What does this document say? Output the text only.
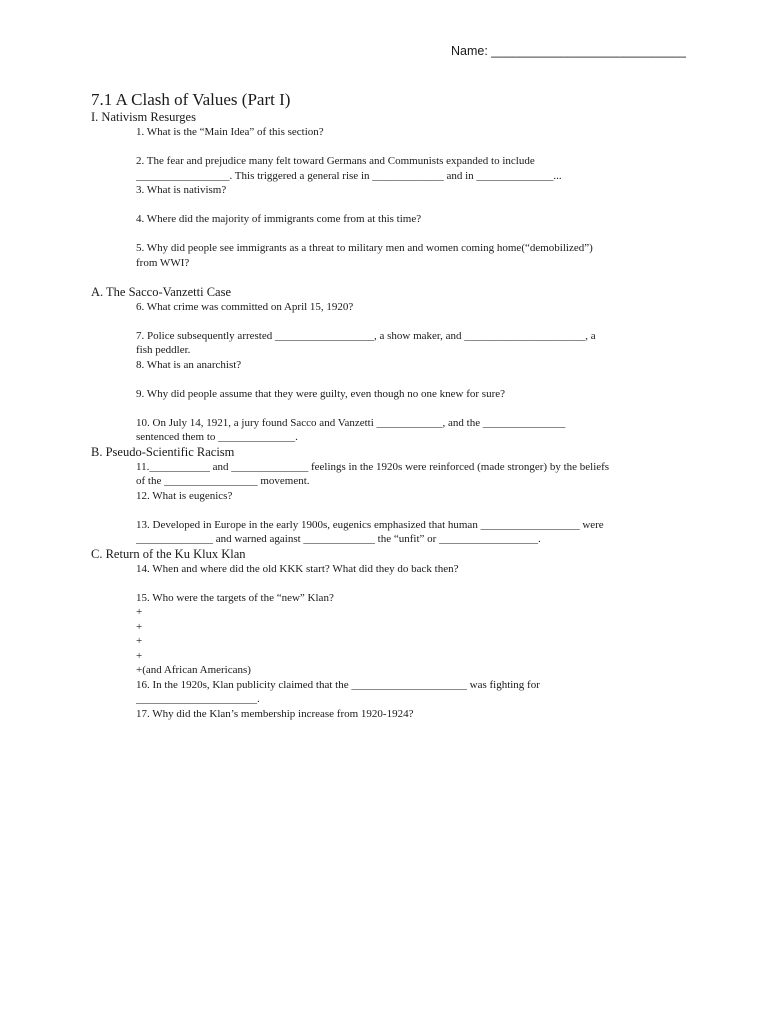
Name: ____________________________
7.1 A Clash of Values (Part I)
I. Nativism Resurges
1. What is the “Main Idea” of this section?

2. The fear and prejudice many felt toward Germans and Communists expanded to include
_________________. This triggered a general rise in _____________ and in ______________...
3. What is nativism?

4. Where did the majority of immigrants come from at this time?

5. Why did people see immigrants as a threat to military men and women coming home(“demobilized”)
from WWI?

A. The Sacco-Vanzetti Case
6. What crime was committed on April 15, 1920?

7. Police subsequently arrested __________________, a show maker, and ______________________, a
fish peddler.
8. What is an anarchist?

9. Why did people assume that they were guilty, even though no one knew for sure?

10. On July 14, 1921, a jury found Sacco and Vanzetti ____________, and the _______________
sentenced them to ______________.
B. Pseudo-Scientific Racism
11.___________ and ______________ feelings in the 1920s were reinforced (made stronger) by the beliefs
of the _________________ movement.
12. What is eugenics?

13. Developed in Europe in the early 1900s, eugenics emphasized that human __________________ were
______________ and warned against _____________ the “unfit” or __________________.
C. Return of the Ku Klux Klan
14. When and where did the old KKK start? What did they do back then?

15. Who were the targets of the “new” Klan?
+
+
+
+
+(and African Americans)
16. In the 1920s, Klan publicity claimed that the _____________________ was fighting for
______________________.
17. Why did the Klan’s membership increase from 1920-1924?
